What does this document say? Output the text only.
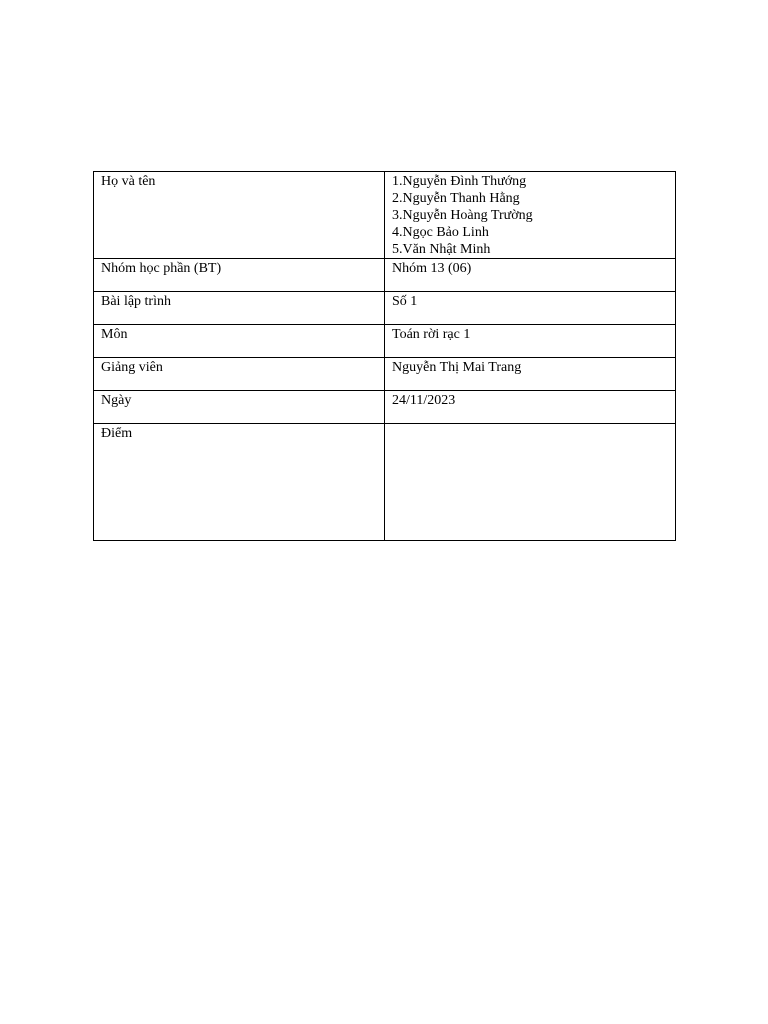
Họ và tên	1.Nguyễn Đình Thướng
2.Nguyễn Thanh Hằng
3.Nguyễn Hoàng Trường
4.Ngọc Bảo Linh
5.Văn Nhật Minh

Nhóm học phần (BT)	Nhóm 13 (06)
Bài lập trình	Số 1
Môn	Toán rời rạc 1
Giảng viên	Nguyễn Thị Mai Trang
Ngày	24/11/2023
Điểm	
